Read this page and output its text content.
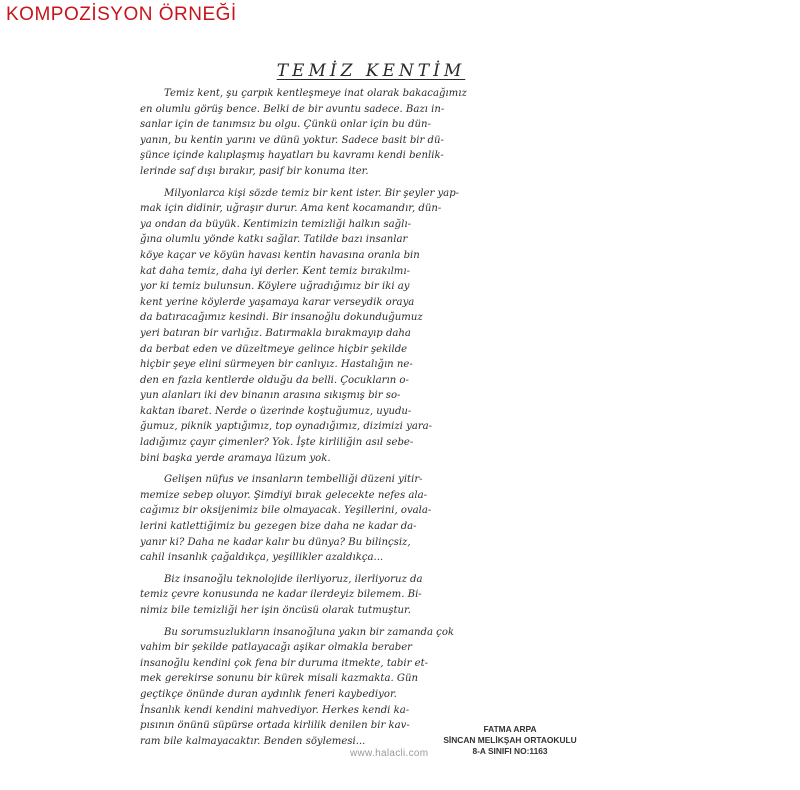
KOMPOZİSYON ÖRNEĞİ
TEMİZ KENTİM
Temiz kent, şu çarpık kentleşmeye inat olarak bakacağımız
en olumlu görüş bence. Belki de bir avuntu sadece. Bazı in-
sanlar için de tanımsız bu olgu. Çünkü onlar için bu dün-
yanın, bu kentin yarını ve dünü yoktur. Sadece basit bir dü-
şünce içinde kalıplaşmış hayatları bu kavramı kendi benlik-
lerinde saf dışı bırakır, pasif bir konuma iter.
Milyonlarca kişi sözde temiz bir kent ister. Bir şeyler yap-
mak için didinir, uğraşır durur. Ama kent kocamandır, dün-
ya ondan da büyük. Kentimizin temizliği halkın sağlı-
ğına olumlu yönde katkı sağlar. Tatilde bazı insanlar
köye kaçar ve köyün havası kentin havasına oranla bin
kat daha temiz, daha iyi derler. Kent temiz bırakılmı-
yor ki temiz bulunsun. Köylere uğradığımız bir iki ay
kent yerine köylerde yaşamaya karar verseydik oraya
da batıracağımız kesindi. Bir insanoğlu dokunduğumuz
yeri batıran bir varlığız. Batırmakla bırakmayıp daha
da berbat eden ve düzeltmeye gelince hiçbir şekilde
hiçbir şeye elini sürmeyen bir canlıyız. Hastalığın ne-
den en fazla kentlerde olduğu da belli. Çocukların o-
yun alanları iki dev binanın arasına sıkışmış bir so-
kaktan ibaret. Nerde o üzerinde koştuğumuz, uyudu-
ğumuz, piknik yaptığımız, top oynadığımız, dizimizi yara-
ladığımız çayır çimenler? Yok. İşte kirliliğin asıl sebe-
bini başka yerde aramaya lüzum yok.
Gelişen nüfus ve insanların tembelliği düzeni yitir-
memize sebep oluyor. Şimdiyi bırak gelecekte nefes ala-
cağımız bir oksijenimiz bile olmayacak. Yeşillerini, ovala-
lerini katlettiğimiz bu gezegen bize daha ne kadar da-
yanır ki? Daha ne kadar kalır bu dünya? Bu bilinçsiz,
cahil insanlık çağaldıkça, yeşillikler azaldıkça...
Biz insanoğlu teknolojide ilerliyoruz, ilerliyoruz da
temiz çevre konusunda ne kadar ilerdeyiz bilemem. Bi-
nimiz bile temizliği her işin öncüsü olarak tutmuştur.
Bu sorumsuzlukların insanoğluna yakın bir zamanda çok
vahim bir şekilde patlayacağı aşikar olmakla beraber
insanoğlu kendini çok fena bir duruma itmekte, tabir et-
mek gerekirse sonunu bir kürek misali kazmakta. Gün
geçtikçe önünde duran aydınlık feneri kaybediyor.
İnsanlık kendi kendini mahvediyor. Herkes kendi ka-
pısının önünü süpürse ortada kirlilik denilen bir kav-
ram bile kalmayacaktır. Benden söylemesi...
FATMA ARPA
SİNCAN MELİKŞAH ORTAOKULU
8-A SINIFI NO:1163
www.halacli.com
